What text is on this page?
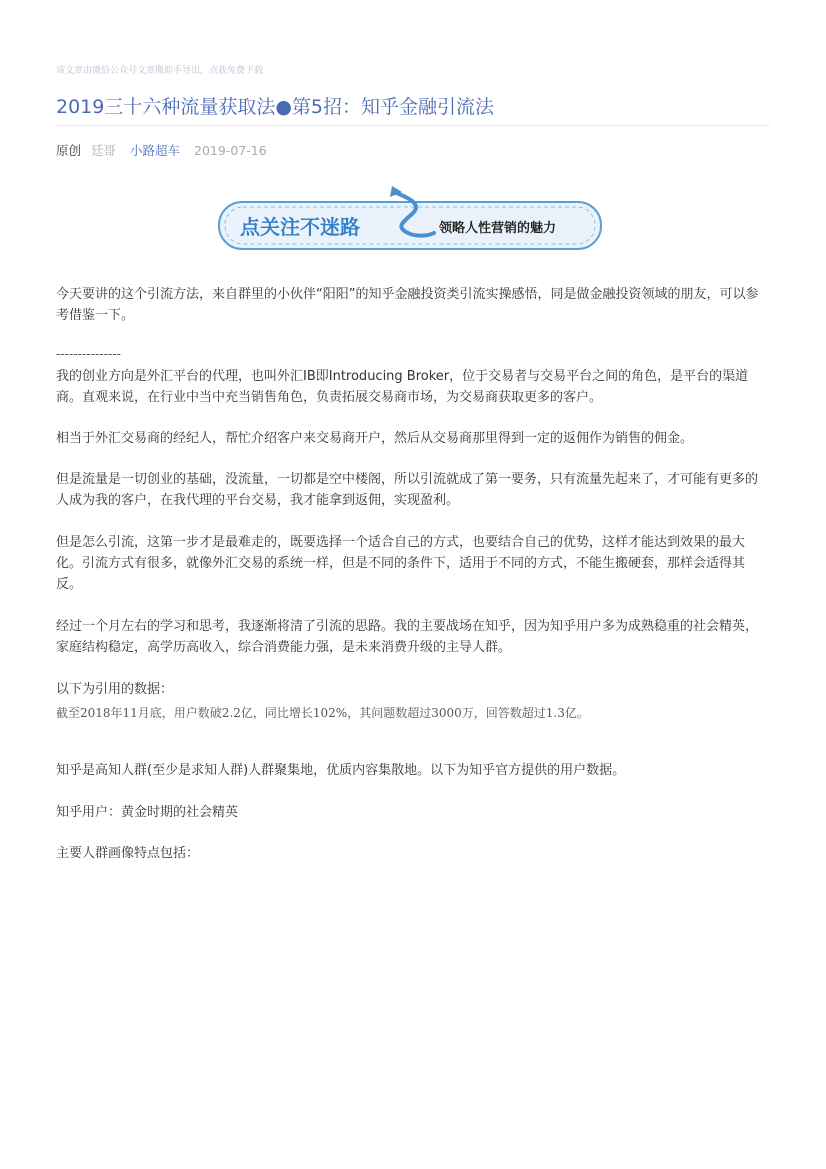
该文章由微信公众号文章搬助手导出，点我免费下载
2019三十六种流量获取法●第5招：知乎金融引流法
原创 廷哥 小路超车 2019-07-16
点关注不迷路	领略人性营销的魅力

今天要讲的这个引流方法，来自群里的小伙伴“阳阳”的知乎金融投资类引流实操感悟，同是做金融投资领域的朋友，可以参考借鉴一下。

---------------

我的创业方向是外汇平台的代理，也叫外汇IB即Introducing Broker，位于交易者与交易平台之间的角色，是平台的渠道商。直观来说，在行业中当中充当销售角色，负责拓展交易商市场，为交易商获取更多的客户。

相当于外汇交易商的经纪人，帮忙介绍客户来交易商开户，然后从交易商那里得到一定的返佣作为销售的佣金。

但是流量是一切创业的基础，没流量，一切都是空中楼阁，所以引流就成了第一要务，只有流量先起来了，才可能有更多的人成为我的客户，在我代理的平台交易，我才能拿到返佣，实现盈利。

但是怎么引流，这第一步才是最难走的，既要选择一个适合自己的方式，也要结合自己的优势，这样才能达到效果的最大化。引流方式有很多，就像外汇交易的系统一样，但是不同的条件下，适用于不同的方式，不能生搬硬套，那样会适得其反。

经过一个月左右的学习和思考，我逐渐将清了引流的思路。我的主要战场在知乎，因为知乎用户多为成熟稳重的社会精英，家庭结构稳定，高学历高收入，综合消费能力强，是未来消费升级的主导人群。

以下为引用的数据：

截至2018年11月底，用户数破2.2亿，同比增长102%，其问题数超过3000万，回答数超过1.3亿。

知乎是高知人群(至少是求知人群)人群聚集地，优质内容集散地。以下为知乎官方提供的用户数据。

知乎用户：黄金时期的社会精英

主要人群画像特点包括：
